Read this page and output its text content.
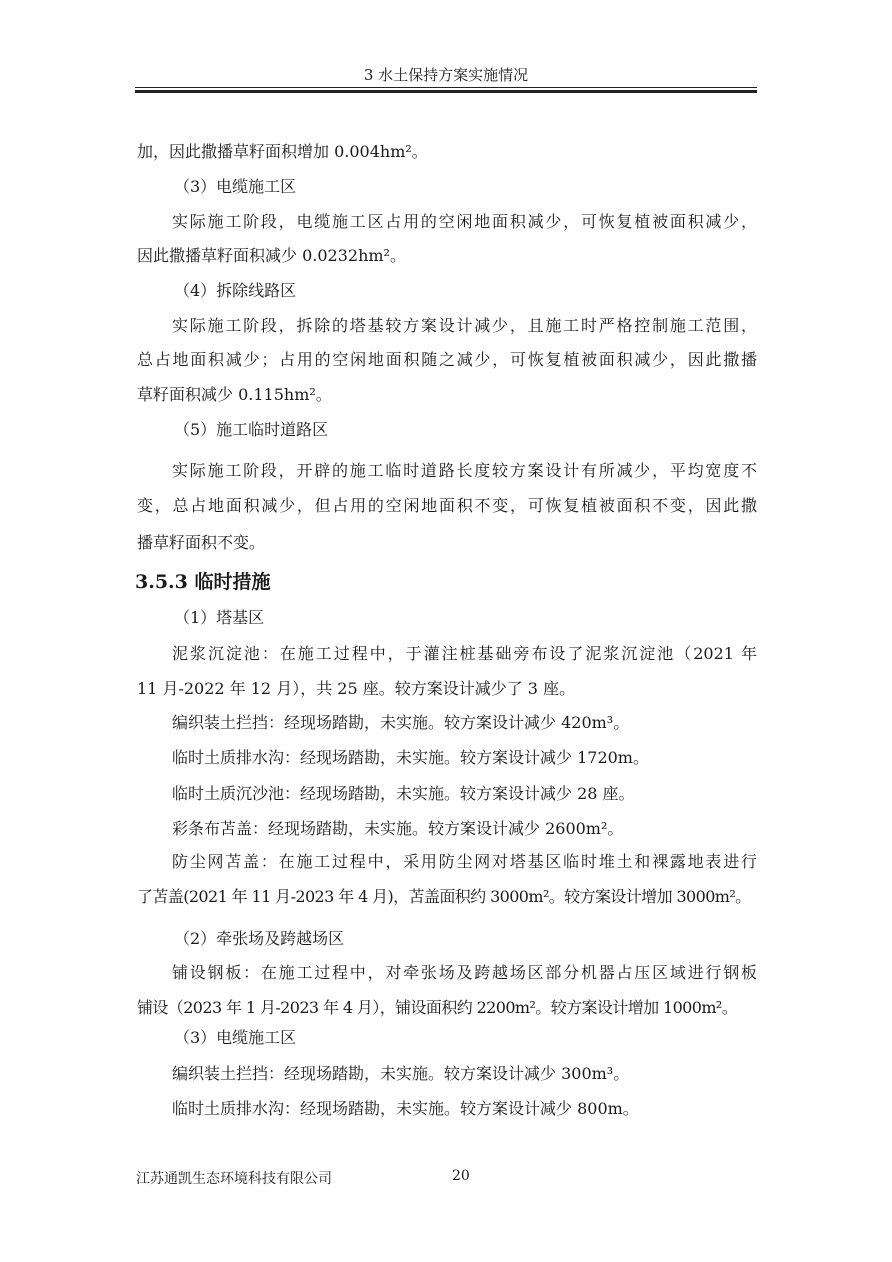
3 水土保持方案实施情况
加，因此撒播草籽面积增加 0.004hm²。
（3）电缆施工区
实际施工阶段，电缆施工区占用的空闲地面积减少，可恢复植被面积减少，
因此撒播草籽面积减少 0.0232hm²。
（4）拆除线路区
实际施工阶段，拆除的塔基较方案设计减少，且施工时严格控制施工范围，
总占地面积减少；占用的空闲地面积随之减少，可恢复植被面积减少，因此撒播
草籽面积减少 0.115hm²。
（5）施工临时道路区
实际施工阶段，开辟的施工临时道路长度较方案设计有所减少，平均宽度不
变，总占地面积减少，但占用的空闲地面积不变，可恢复植被面积不变，因此撒
播草籽面积不变。
3.5.3 临时措施
（1）塔基区
泥浆沉淀池：在施工过程中，于灌注桩基础旁布设了泥浆沉淀池（2021 年
11 月-2022 年 12 月），共 25 座。较方案设计减少了 3 座。
编织装土拦挡：经现场踏勘，未实施。较方案设计减少 420m³。
临时土质排水沟：经现场踏勘，未实施。较方案设计减少 1720m。
临时土质沉沙池：经现场踏勘，未实施。较方案设计减少 28 座。
彩条布苫盖：经现场踏勘，未实施。较方案设计减少 2600m²。
防尘网苫盖：在施工过程中，采用防尘网对塔基区临时堆土和裸露地表进行
了苫盖(2021 年 11 月-2023 年 4 月)，苫盖面积约 3000m²。较方案设计增加 3000m²。
（2）牵张场及跨越场区
铺设钢板：在施工过程中，对牵张场及跨越场区部分机器占压区域进行钢板
铺设（2023 年 1 月-2023 年 4 月），铺设面积约 2200m²。较方案设计增加 1000m²。
（3）电缆施工区
编织装土拦挡：经现场踏勘，未实施。较方案设计减少 300m³。
临时土质排水沟：经现场踏勘，未实施。较方案设计减少 800m。
江苏通凯生态环境科技有限公司	20
